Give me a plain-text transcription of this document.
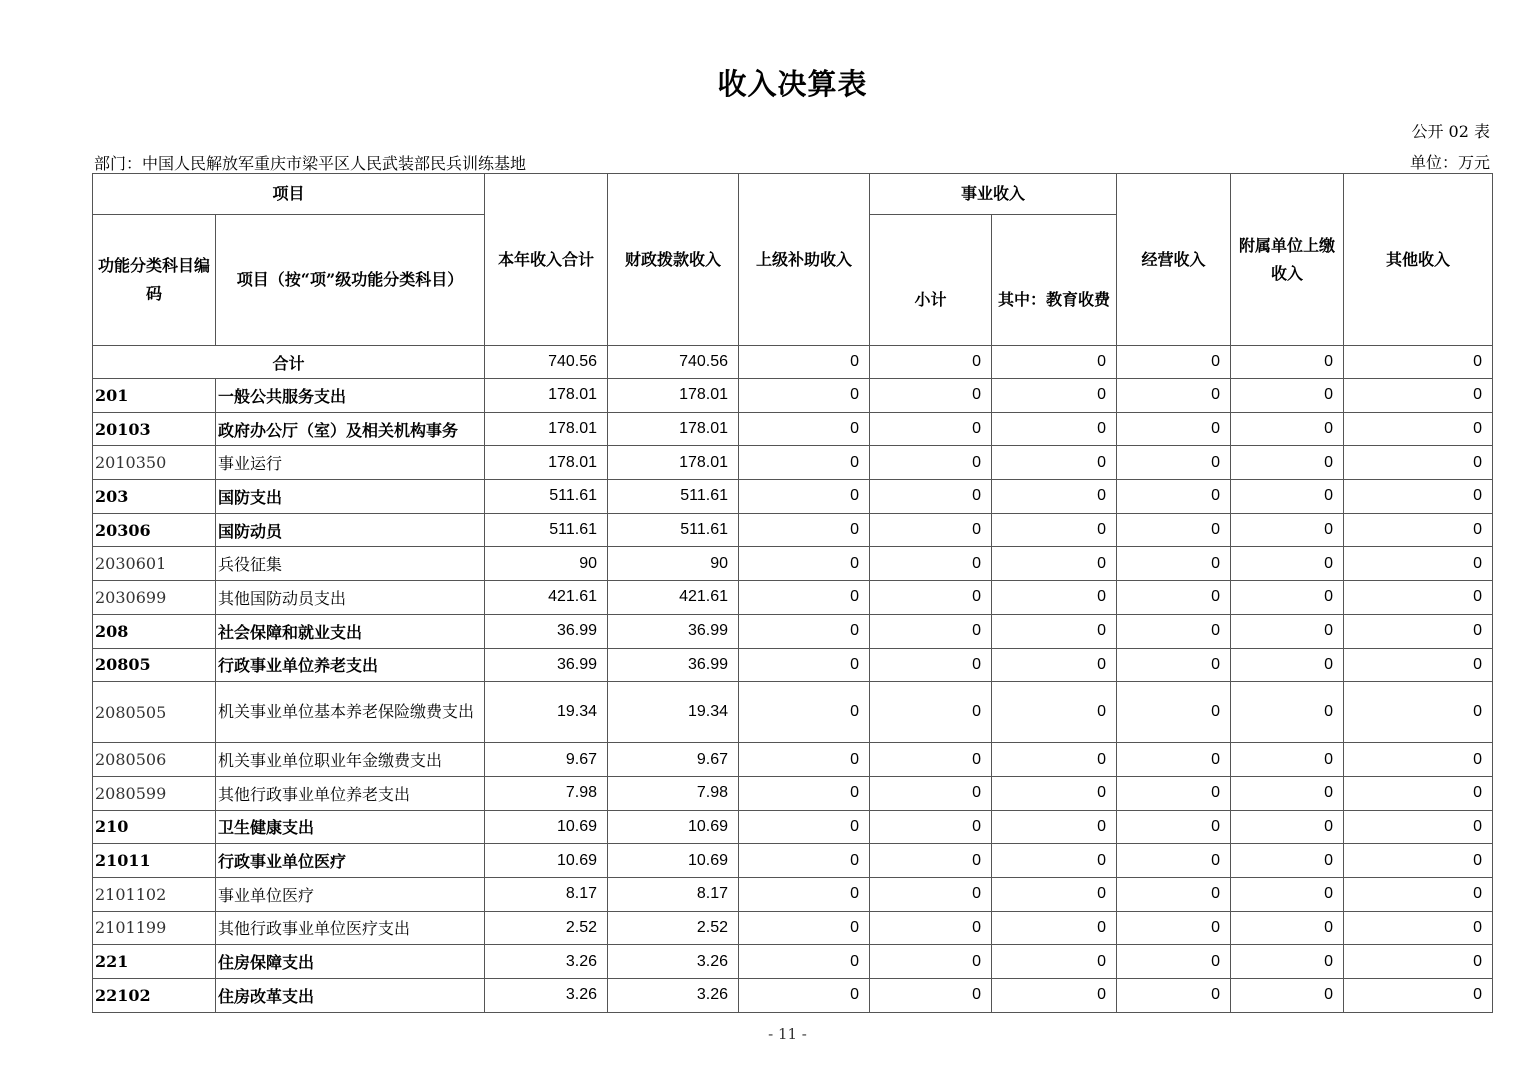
收入决算表
公开 02 表
部门：中国人民解放军重庆市梁平区人民武装部民兵训练基地	单位：万元
项目		本年收入合计	财政拨款收入	上级补助收入	事业收入		经营收入	附属单位上缴收入	其他收入
功能分类科目编码	项目（按“项”级功能分类科目）				小计	其中：教育收费			
合计		740.56	740.56	0	0	0	0	0	0
201	一般公共服务支出	178.01	178.01	0	0	0	0	0	0
20103	政府办公厅（室）及相关机构事务	178.01	178.01	0	0	0	0	0	0
2010350	事业运行	178.01	178.01	0	0	0	0	0	0
203	国防支出	511.61	511.61	0	0	0	0	0	0
20306	国防动员	511.61	511.61	0	0	0	0	0	0
2030601	兵役征集	90	90	0	0	0	0	0	0
2030699	其他国防动员支出	421.61	421.61	0	0	0	0	0	0
208	社会保障和就业支出	36.99	36.99	0	0	0	0	0	0
20805	行政事业单位养老支出	36.99	36.99	0	0	0	0	0	0
2080505	机关事业单位基本养老保险缴费支出	19.34	19.34	0	0	0	0	0	0
2080506	机关事业单位职业年金缴费支出	9.67	9.67	0	0	0	0	0	0
2080599	其他行政事业单位养老支出	7.98	7.98	0	0	0	0	0	0
210	卫生健康支出	10.69	10.69	0	0	0	0	0	0
21011	行政事业单位医疗	10.69	10.69	0	0	0	0	0	0
2101102	事业单位医疗	8.17	8.17	0	0	0	0	0	0
2101199	其他行政事业单位医疗支出	2.52	2.52	0	0	0	0	0	0
221	住房保障支出	3.26	3.26	0	0	0	0	0	0
22102	住房改革支出	3.26	3.26	0	0	0	0	0	0
- 11 -
